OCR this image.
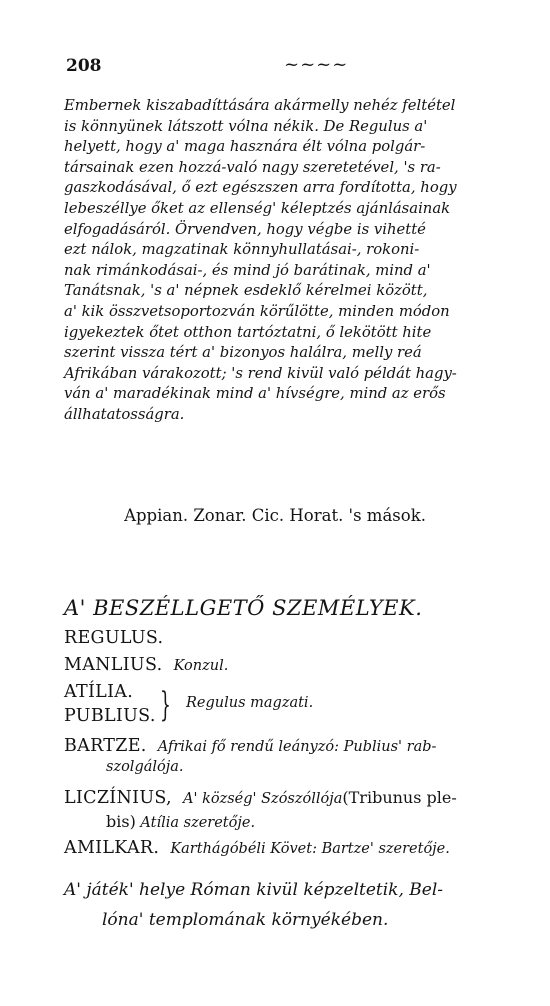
208	~~~~
Embernek kiszabadíttására akármelly nehéz feltétel
is könnyünek látszott vólna nékik. De Regulus a'
helyett, hogy a' maga hasznára élt vólna polgár-
társainak ezen hozzá-való nagy szeretetével, 's ra-
gaszkodásával, ő ezt egészszen arra fordította, hogy
lebeszéllye őket az ellenség' kéleptzés ajánlásainak
elfogadásáról. Örvendven, hogy végbe is vihetté
ezt nálok, magzatinak könnyhullatásai-, rokoni-
nak rimánkodásai-, és mind jó barátinak, mind a'
Tanátsnak, 's a' népnek esdeklő kérelmei között,
a' kik összvetsoportozván körűlötte, minden módon
igyekeztek őtet otthon tartóztatni, ő lekötött hite
szerint vissza tért a' bizonyos halálra, melly reá
Afrikában várakozott; 's rend kivül való példát hagy-
ván a' maradékinak mind a' hívségre, mind az erős
állhatatosságra.
Appian. Zonar. Cic. Horat. 's mások.
A' BESZÉLLGETŐ SZEMÉLYEK.
REGULUS.
MANLIUS. Konzul.
ATÍLIA.
PUBLIUS. } Regulus magzati.
BARTZE. Afrikai fő rendű leányzó: Publius' rab-
szolgálója.
LICZÍNIUS, A' község' Szószóllója(Tribunus ple-
bis) Atília szeretője.
AMILKAR. Karthágóbéli Követ: Bartze' szeretője.
A' játék' helye Róman kivül képzeltetik, Bel-
lóna' templomának környékében.
